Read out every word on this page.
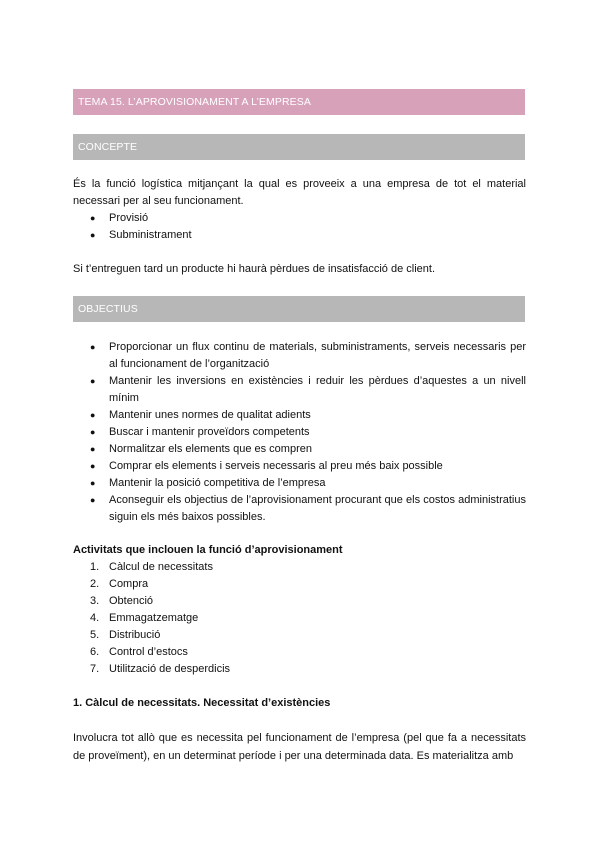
TEMA 15. L’APROVISIONAMENT A L’EMPRESA
CONCEPTE
És la funció logística mitjançant la qual es proveeix a una empresa de tot el material necessari per al seu funcionament.
● Provisió
● Subministrament
Si t’entreguen tard un producte hi haurà pèrdues de insatisfacció de client.
OBJECTIUS
● Proporcionar un flux continu de materials, subministraments, serveis necessaris per al funcionament de l’organització
● Mantenir les inversions en existències i reduir les pèrdues d’aquestes a un nivell mínim
● Mantenir unes normes de qualitat adients
● Buscar i mantenir proveïdors competents
● Normalitzar els elements que es compren
● Comprar els elements i serveis necessaris al preu més baix possible
● Mantenir la posició competitiva de l’empresa
● Aconseguir els objectius de l’aprovisionament procurant que els costos administratius siguin els més baixos possibles.
Activitats que inclouen la funció d’aprovisionament
1. Càlcul de necessitats
2. Compra
3. Obtenció
4. Emmagatzematge
5. Distribució
6. Control d’estocs
7. Utilització de desperdicis
1. Càlcul de necessitats. Necessitat d’existències
Involucra tot allò que es necessita pel funcionament de l’empresa (pel que fa a necessitats de proveïment), en un determinat període i per una determinada data. Es materialitza amb
